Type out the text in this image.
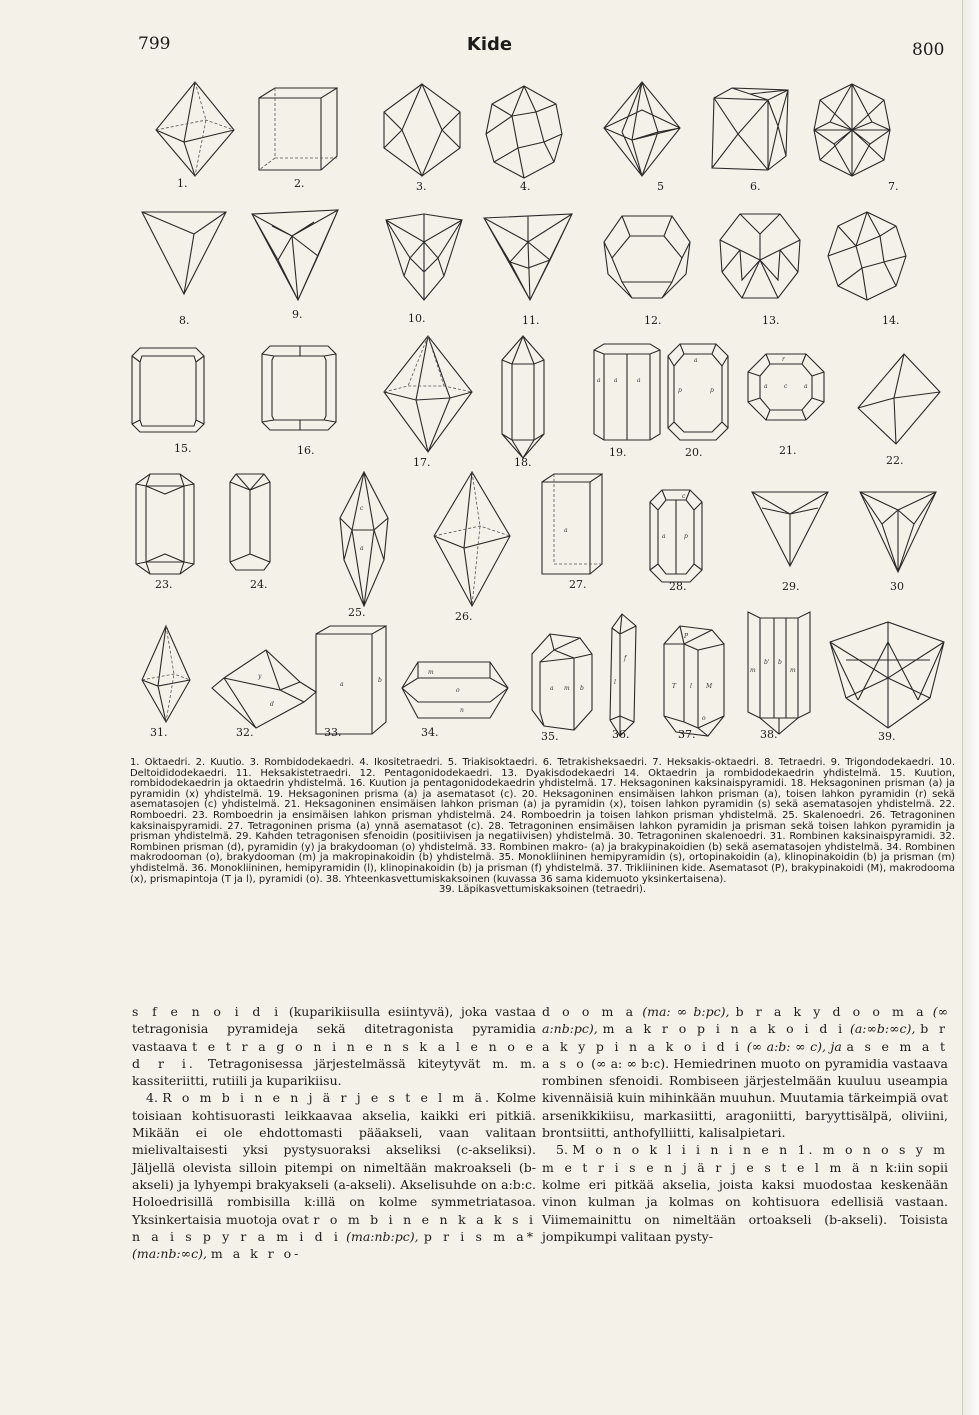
799	Kide	800
a a	a
a
p	p
r
a	c	a
a
c
a
a
c
p
y
d
a
b
m
o
n
a m b
f
l
P
T l M
o
m
b' b
m
1.	2.	3.	4.	5	6.	7.
8.	9.	10.	11.	12.	13.	14.
15.	16.
17.	18.
19.	20.	21.
22.
23.	24.
25.	26.
27.	28.	29.	30
31.	32.	33.	34.	35.	36.	37.	38.	39.
1. Oktaedri. 2. Kuutio. 3. Rombidodekaedri. 4. Ikositetraedri. 5. Triakisoktaedri. 6. Tetrakisheksaedri. 7. Heksakis-oktaedri. 8. Tetraedri. 9. Trigondodekaedri. 10. Deltoididodekaedri. 11. Heksakistetraedri. 12. Pentagonidodekaedri. 13. Dyakisdodekaedri 14. Oktaedrin ja rombidodekaedrin yhdistelmä. 15. Kuution, rombidodekaedrin ja oktaedrin yhdistelmä. 16. Kuution ja pentagonidodekaedrin yhdistelmä. 17. Heksagoninen kaksinaispyramidi. 18. Heksagoninen prisman (a) ja pyramidin (x) yhdistelmä. 19. Heksagoninen prisma (a) ja asematasot (c). 20. Heksagoninen ensimäisen lahkon prisman (a), toisen lahkon pyramidin (r) sekä asematasojen (c) yhdistelmä. 21. Heksagoninen ensimäisen lahkon prisman (a) ja pyramidin (x), toisen lahkon pyramidin (s) sekä asematasojen yhdistelmä. 22. Romboedri. 23. Romboedrin ja ensimäisen lahkon prisman yhdistelmä. 24. Romboedrin ja toisen lahkon prisman yhdistelmä. 25. Skalenoedri. 26. Tetragoninen kaksinaispyramidi. 27. Tetragoninen prisma (a) ynnä asematasot (c). 28. Tetragoninen ensimäisen lahkon pyramidin ja prisman sekä toisen lahkon pyramidin ja prisman yhdistelmä. 29. Kahden tetragonisen sfenoidin (positiivisen ja negatiivisen) yhdistelmä. 30. Tetragoninen skalenoedri. 31. Rombinen kaksinaispyramidi. 32. Rombinen prisman (d), pyramidin (y) ja brakydooman (o) yhdistelmä. 33. Rombinen makro- (a) ja brakypinakoidien (b) sekä asematasojen yhdistelmä. 34. Rombinen makrodooman (o), brakydooman (m) ja makropinakoidin (b) yhdistelmä. 35. Monokliininen hemipyramidin (s), ortopinakoidin (a), klinopinakoidin (b) ja prisman (m) yhdistelmä. 36. Monokliininen, hemipyramidin (l), klinopinakoidin (b) ja prisman (f) yhdistelmä. 37. Trikliininen kide. Asematasot (P), brakypinakoidi (M), makrodooma (x), prismapintoja (T ja l), pyramidi (o). 38. Yhteenkasvettumiskaksoinen (kuvassa 36 sama kidemuoto yksinkertaisena).
39. Läpikasvettumiskaksoinen (tetraedri).

s f e n o i d i (kuparikiisulla esiintyvä), joka vastaa tetragonisia pyramideja sekä ditetragonista pyramidia vastaava t e t r a g o n i n e n s k a l e n o e d r i. Tetragonisessa järjestelmässä kiteytyvät m. m. kassiteriitti, rutiili ja kuparikiisu.

4. R o m b i n e n j ä r j e s t e l m ä. Kolme toisiaan kohtisuorasti leikkaavaa akselia, kaikki eri pitkiä. Mikään ei ole ehdottomasti pääakseli, vaan valitaan mielivaltaisesti yksi pystysuoraksi akseliksi (c-akseliksi). Jäljellä olevista silloin pitempi on nimeltään makroakseli (b-akseli) ja lyhyempi brakyakseli (a-akseli). Akselisuhde on a:b:c. Holoedrisillä rombisilla k:illä on kolme symmetriatasoa. Yksinkertaisia muotoja ovat r o m b i n e n k a k s i n a i s p y r a m i d i (ma:nb:pc), p r i s m a* (ma:nb:∞c), m a k r o-

d o o m a (ma: ∞ b:pc), b r a k y d o o m a (∞ a:nb:pc), m a k r o p i n a k o i d i (a:∞b:∞c), b r a k y p i n a k o i d i (∞ a:b: ∞ c), ja a s e m a t a s o (∞ a: ∞ b:c). Hemiedrinen muoto on pyramidia vastaava rombinen sfenoidi. Rombiseen järjestelmään kuuluu useampia kivennäisiä kuin mihinkään muuhun. Muutamia tärkeimpiä ovat arsenikkikiisu, markasiitti, aragoniitti, baryyttisälpä, oliviini, brontsiitti, anthofylliitti, kalisalpietari.

5. M o n o k l i i n i n e n 1. m o n o s y m m e t r i s e n j ä r j e s t e l m ä n k:iin sopii kolme eri pitkää akselia, joista kaksi muodostaa keskenään vinon kulman ja kolmas on kohtisuora edellisiä vastaan. Viimemainittu on nimeltään ortoakseli (b-akseli). Toisista jompikumpi valitaan pysty-
